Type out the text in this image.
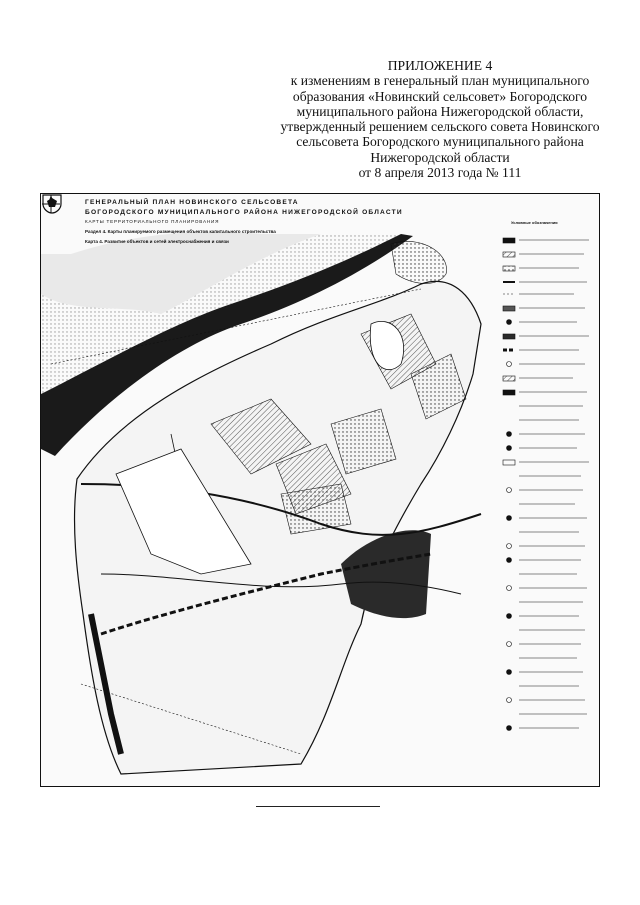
ПРИЛОЖЕНИЕ 4
к изменениям в генеральный план муниципального
образования «Новинский сельсовет» Богородского
муниципального района Нижегородской области,
утвержденный решением сельского совета Новинского
сельсовета Богородского муниципального района
Нижегородской области
от 8 апреля 2013 года № 111
ГЕНЕРАЛЬНЫЙ ПЛАН НОВИНСКОГО СЕЛЬСОВЕТА
БОГОРОДСКОГО МУНИЦИПАЛЬНОГО РАЙОНА НИЖЕГОРОДСКОЙ ОБЛАСТИ
КАРТЫ ТЕРРИТОРИАЛЬНОГО ПЛАНИРОВАНИЯ
Раздел 4. Карты планируемого размещения объектов капитального строительства
Карта 4. Развитие объектов и сетей электроснабжения и связи
Условные обозначения
